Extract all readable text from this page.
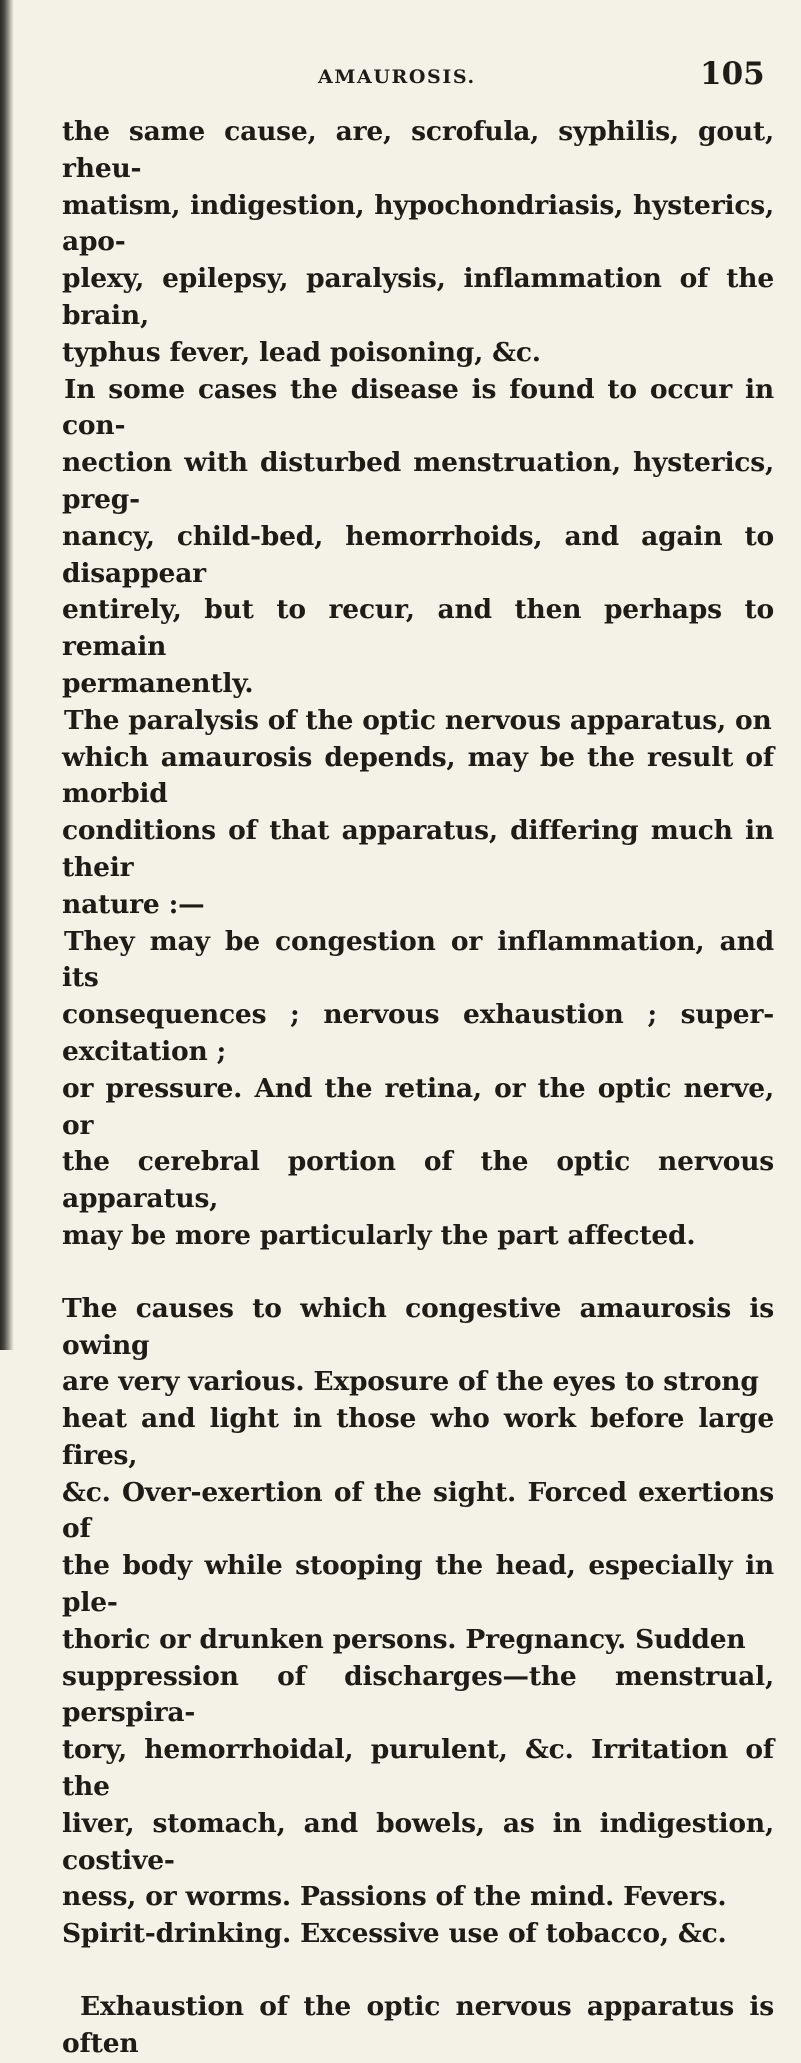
AMAUROSIS.	105

the same cause, are, scrofula, syphilis, gout, rheu-
matism, indigestion, hypochondriasis, hysterics, apo-
plexy, epilepsy, paralysis, inflammation of the brain,
typhus fever, lead poisoning, &c.

In some cases the disease is found to occur in con-
nection with disturbed menstruation, hysterics, preg-
nancy, child-bed, hemorrhoids, and again to disappear
entirely, but to recur, and then perhaps to remain
permanently.

The paralysis of the optic nervous apparatus, on
which amaurosis depends, may be the result of morbid
conditions of that apparatus, differing much in their
nature :—

They may be congestion or inflammation, and its
consequences ; nervous exhaustion ; super-excitation ;
or pressure. And the retina, or the optic nerve, or
the cerebral portion of the optic nervous apparatus,
may be more particularly the part affected.

The causes to which congestive amaurosis is owing
are very various. Exposure of the eyes to strong
heat and light in those who work before large fires,
&c. Over-exertion of the sight. Forced exertions of
the body while stooping the head, especially in ple-
thoric or drunken persons. Pregnancy. Sudden
suppression of discharges—the menstrual, perspira-
tory, hemorrhoidal, purulent, &c. Irritation of the
liver, stomach, and bowels, as in indigestion, costive-
ness, or worms. Passions of the mind. Fevers.
Spirit-drinking. Excessive use of tobacco, &c.

Exhaustion of the optic nervous apparatus is often
